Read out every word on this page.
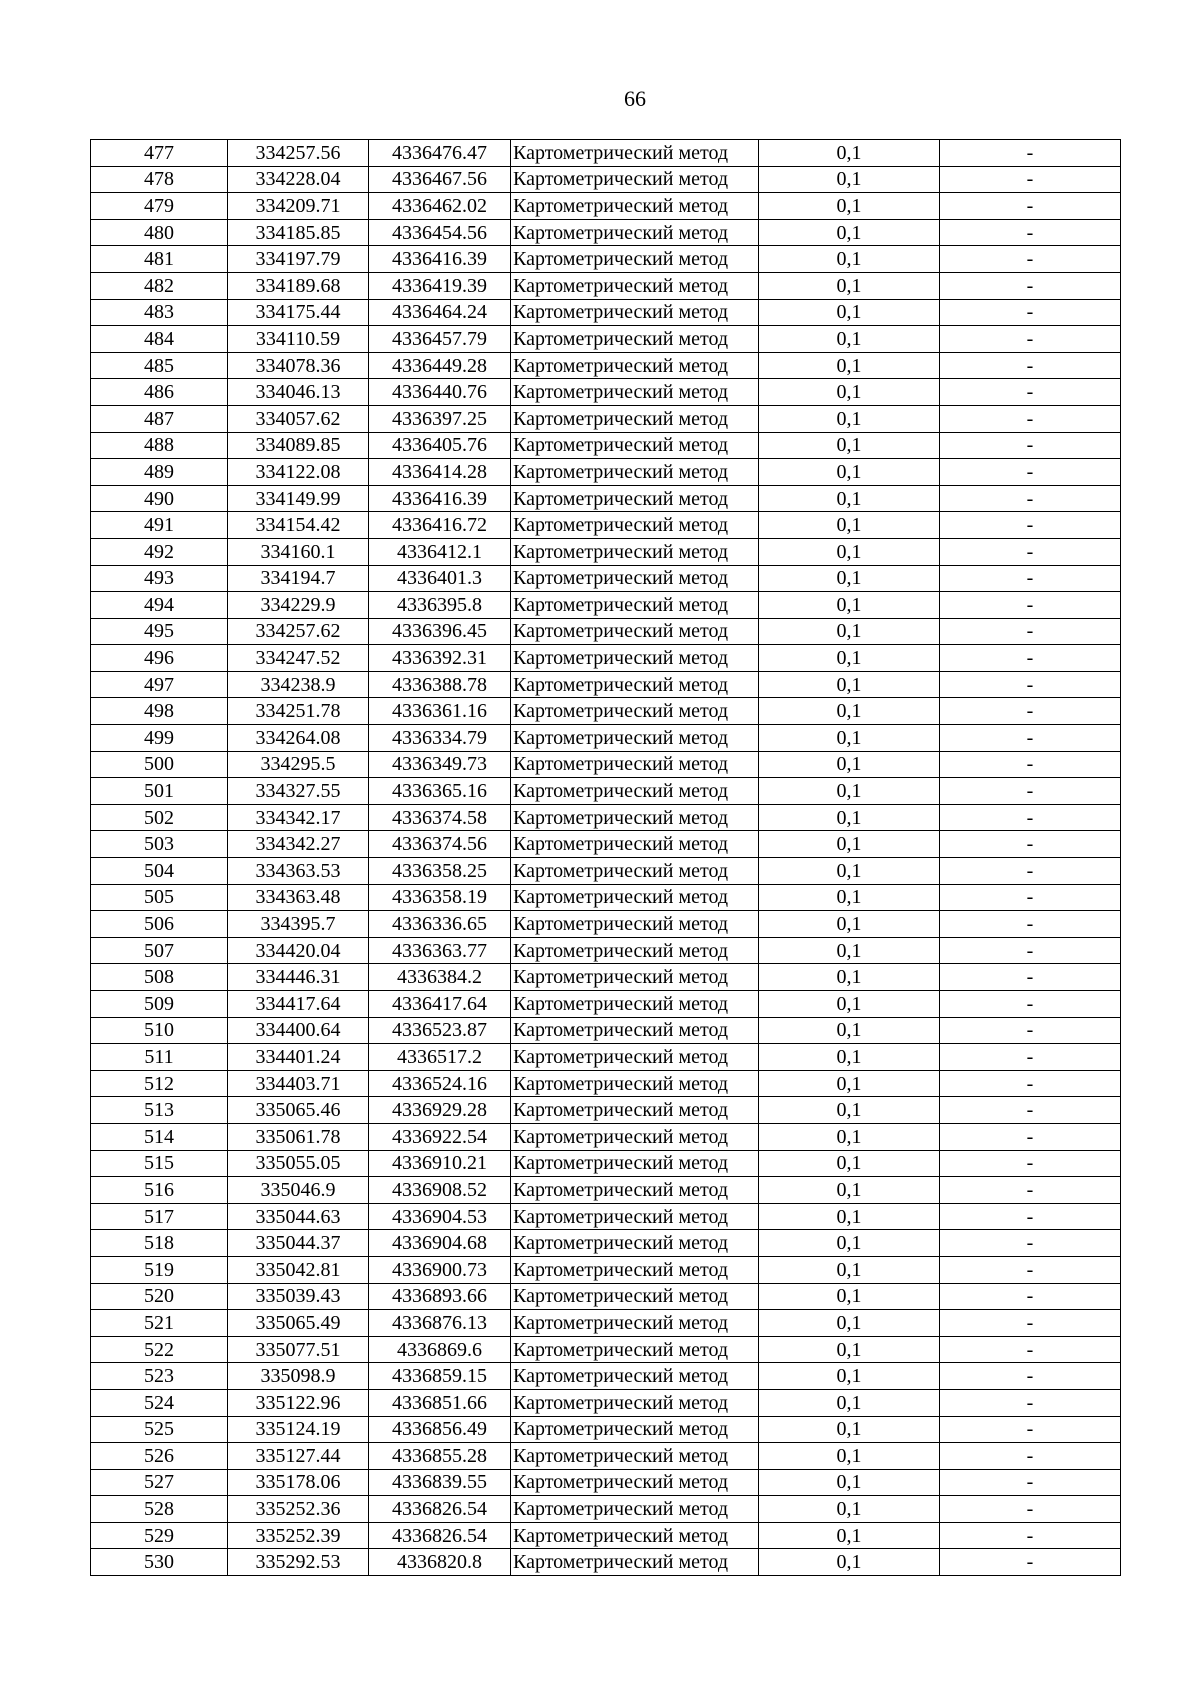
66
477	334257.56	4336476.47	Картометрический метод	0,1	-
478	334228.04	4336467.56	Картометрический метод	0,1	-
479	334209.71	4336462.02	Картометрический метод	0,1	-
480	334185.85	4336454.56	Картометрический метод	0,1	-
481	334197.79	4336416.39	Картометрический метод	0,1	-
482	334189.68	4336419.39	Картометрический метод	0,1	-
483	334175.44	4336464.24	Картометрический метод	0,1	-
484	334110.59	4336457.79	Картометрический метод	0,1	-
485	334078.36	4336449.28	Картометрический метод	0,1	-
486	334046.13	4336440.76	Картометрический метод	0,1	-
487	334057.62	4336397.25	Картометрический метод	0,1	-
488	334089.85	4336405.76	Картометрический метод	0,1	-
489	334122.08	4336414.28	Картометрический метод	0,1	-
490	334149.99	4336416.39	Картометрический метод	0,1	-
491	334154.42	4336416.72	Картометрический метод	0,1	-
492	334160.1	4336412.1	Картометрический метод	0,1	-
493	334194.7	4336401.3	Картометрический метод	0,1	-
494	334229.9	4336395.8	Картометрический метод	0,1	-
495	334257.62	4336396.45	Картометрический метод	0,1	-
496	334247.52	4336392.31	Картометрический метод	0,1	-
497	334238.9	4336388.78	Картометрический метод	0,1	-
498	334251.78	4336361.16	Картометрический метод	0,1	-
499	334264.08	4336334.79	Картометрический метод	0,1	-
500	334295.5	4336349.73	Картометрический метод	0,1	-
501	334327.55	4336365.16	Картометрический метод	0,1	-
502	334342.17	4336374.58	Картометрический метод	0,1	-
503	334342.27	4336374.56	Картометрический метод	0,1	-
504	334363.53	4336358.25	Картометрический метод	0,1	-
505	334363.48	4336358.19	Картометрический метод	0,1	-
506	334395.7	4336336.65	Картометрический метод	0,1	-
507	334420.04	4336363.77	Картометрический метод	0,1	-
508	334446.31	4336384.2	Картометрический метод	0,1	-
509	334417.64	4336417.64	Картометрический метод	0,1	-
510	334400.64	4336523.87	Картометрический метод	0,1	-
511	334401.24	4336517.2	Картометрический метод	0,1	-
512	334403.71	4336524.16	Картометрический метод	0,1	-
513	335065.46	4336929.28	Картометрический метод	0,1	-
514	335061.78	4336922.54	Картометрический метод	0,1	-
515	335055.05	4336910.21	Картометрический метод	0,1	-
516	335046.9	4336908.52	Картометрический метод	0,1	-
517	335044.63	4336904.53	Картометрический метод	0,1	-
518	335044.37	4336904.68	Картометрический метод	0,1	-
519	335042.81	4336900.73	Картометрический метод	0,1	-
520	335039.43	4336893.66	Картометрический метод	0,1	-
521	335065.49	4336876.13	Картометрический метод	0,1	-
522	335077.51	4336869.6	Картометрический метод	0,1	-
523	335098.9	4336859.15	Картометрический метод	0,1	-
524	335122.96	4336851.66	Картометрический метод	0,1	-
525	335124.19	4336856.49	Картометрический метод	0,1	-
526	335127.44	4336855.28	Картометрический метод	0,1	-
527	335178.06	4336839.55	Картометрический метод	0,1	-
528	335252.36	4336826.54	Картометрический метод	0,1	-
529	335252.39	4336826.54	Картометрический метод	0,1	-
530	335292.53	4336820.8	Картометрический метод	0,1	-
